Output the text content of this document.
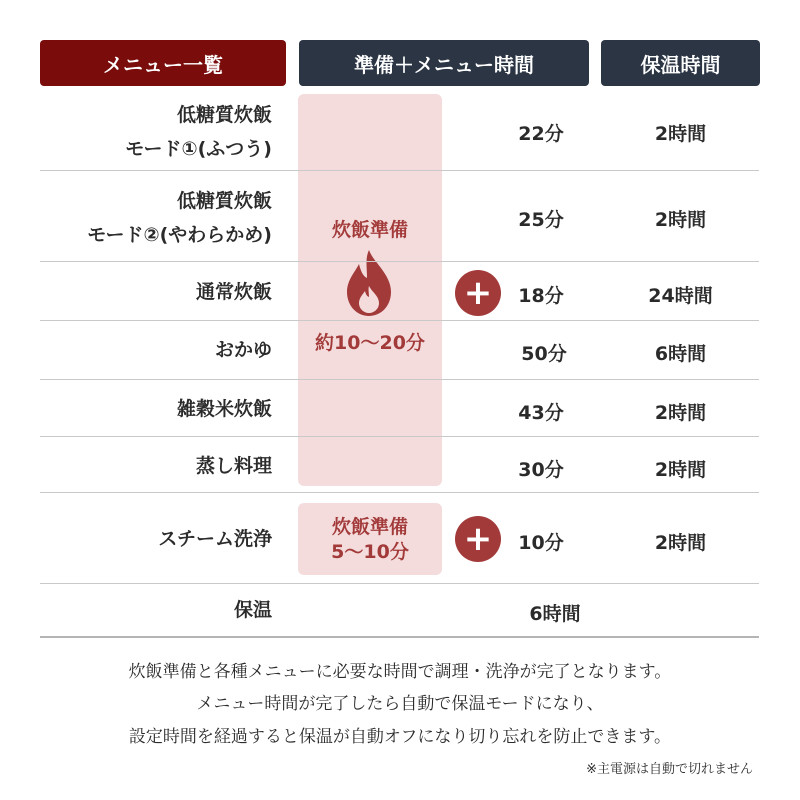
メニュー一覧	準備＋メニュー時間	保温時間
炊飯準備
約10〜20分
炊飯準備
5〜10分
+
+
低糖質炊飯
モード①(ふつう)
22分	2時間
低糖質炊飯
モード②(やわらかめ)
25分	2時間
通常炊飯	18分	24時間
おかゆ	50分	6時間
雑穀米炊飯	43分	2時間
蒸し料理	30分	2時間
スチーム洗浄	10分	2時間
保温	6時間
炊飯準備と各種メニューに必要な時間で調理・洗浄が完了となります。
メニュー時間が完了したら自動で保温モードになり、
設定時間を経過すると保温が自動オフになり切り忘れを防止できます。
※主電源は自動で切れません
